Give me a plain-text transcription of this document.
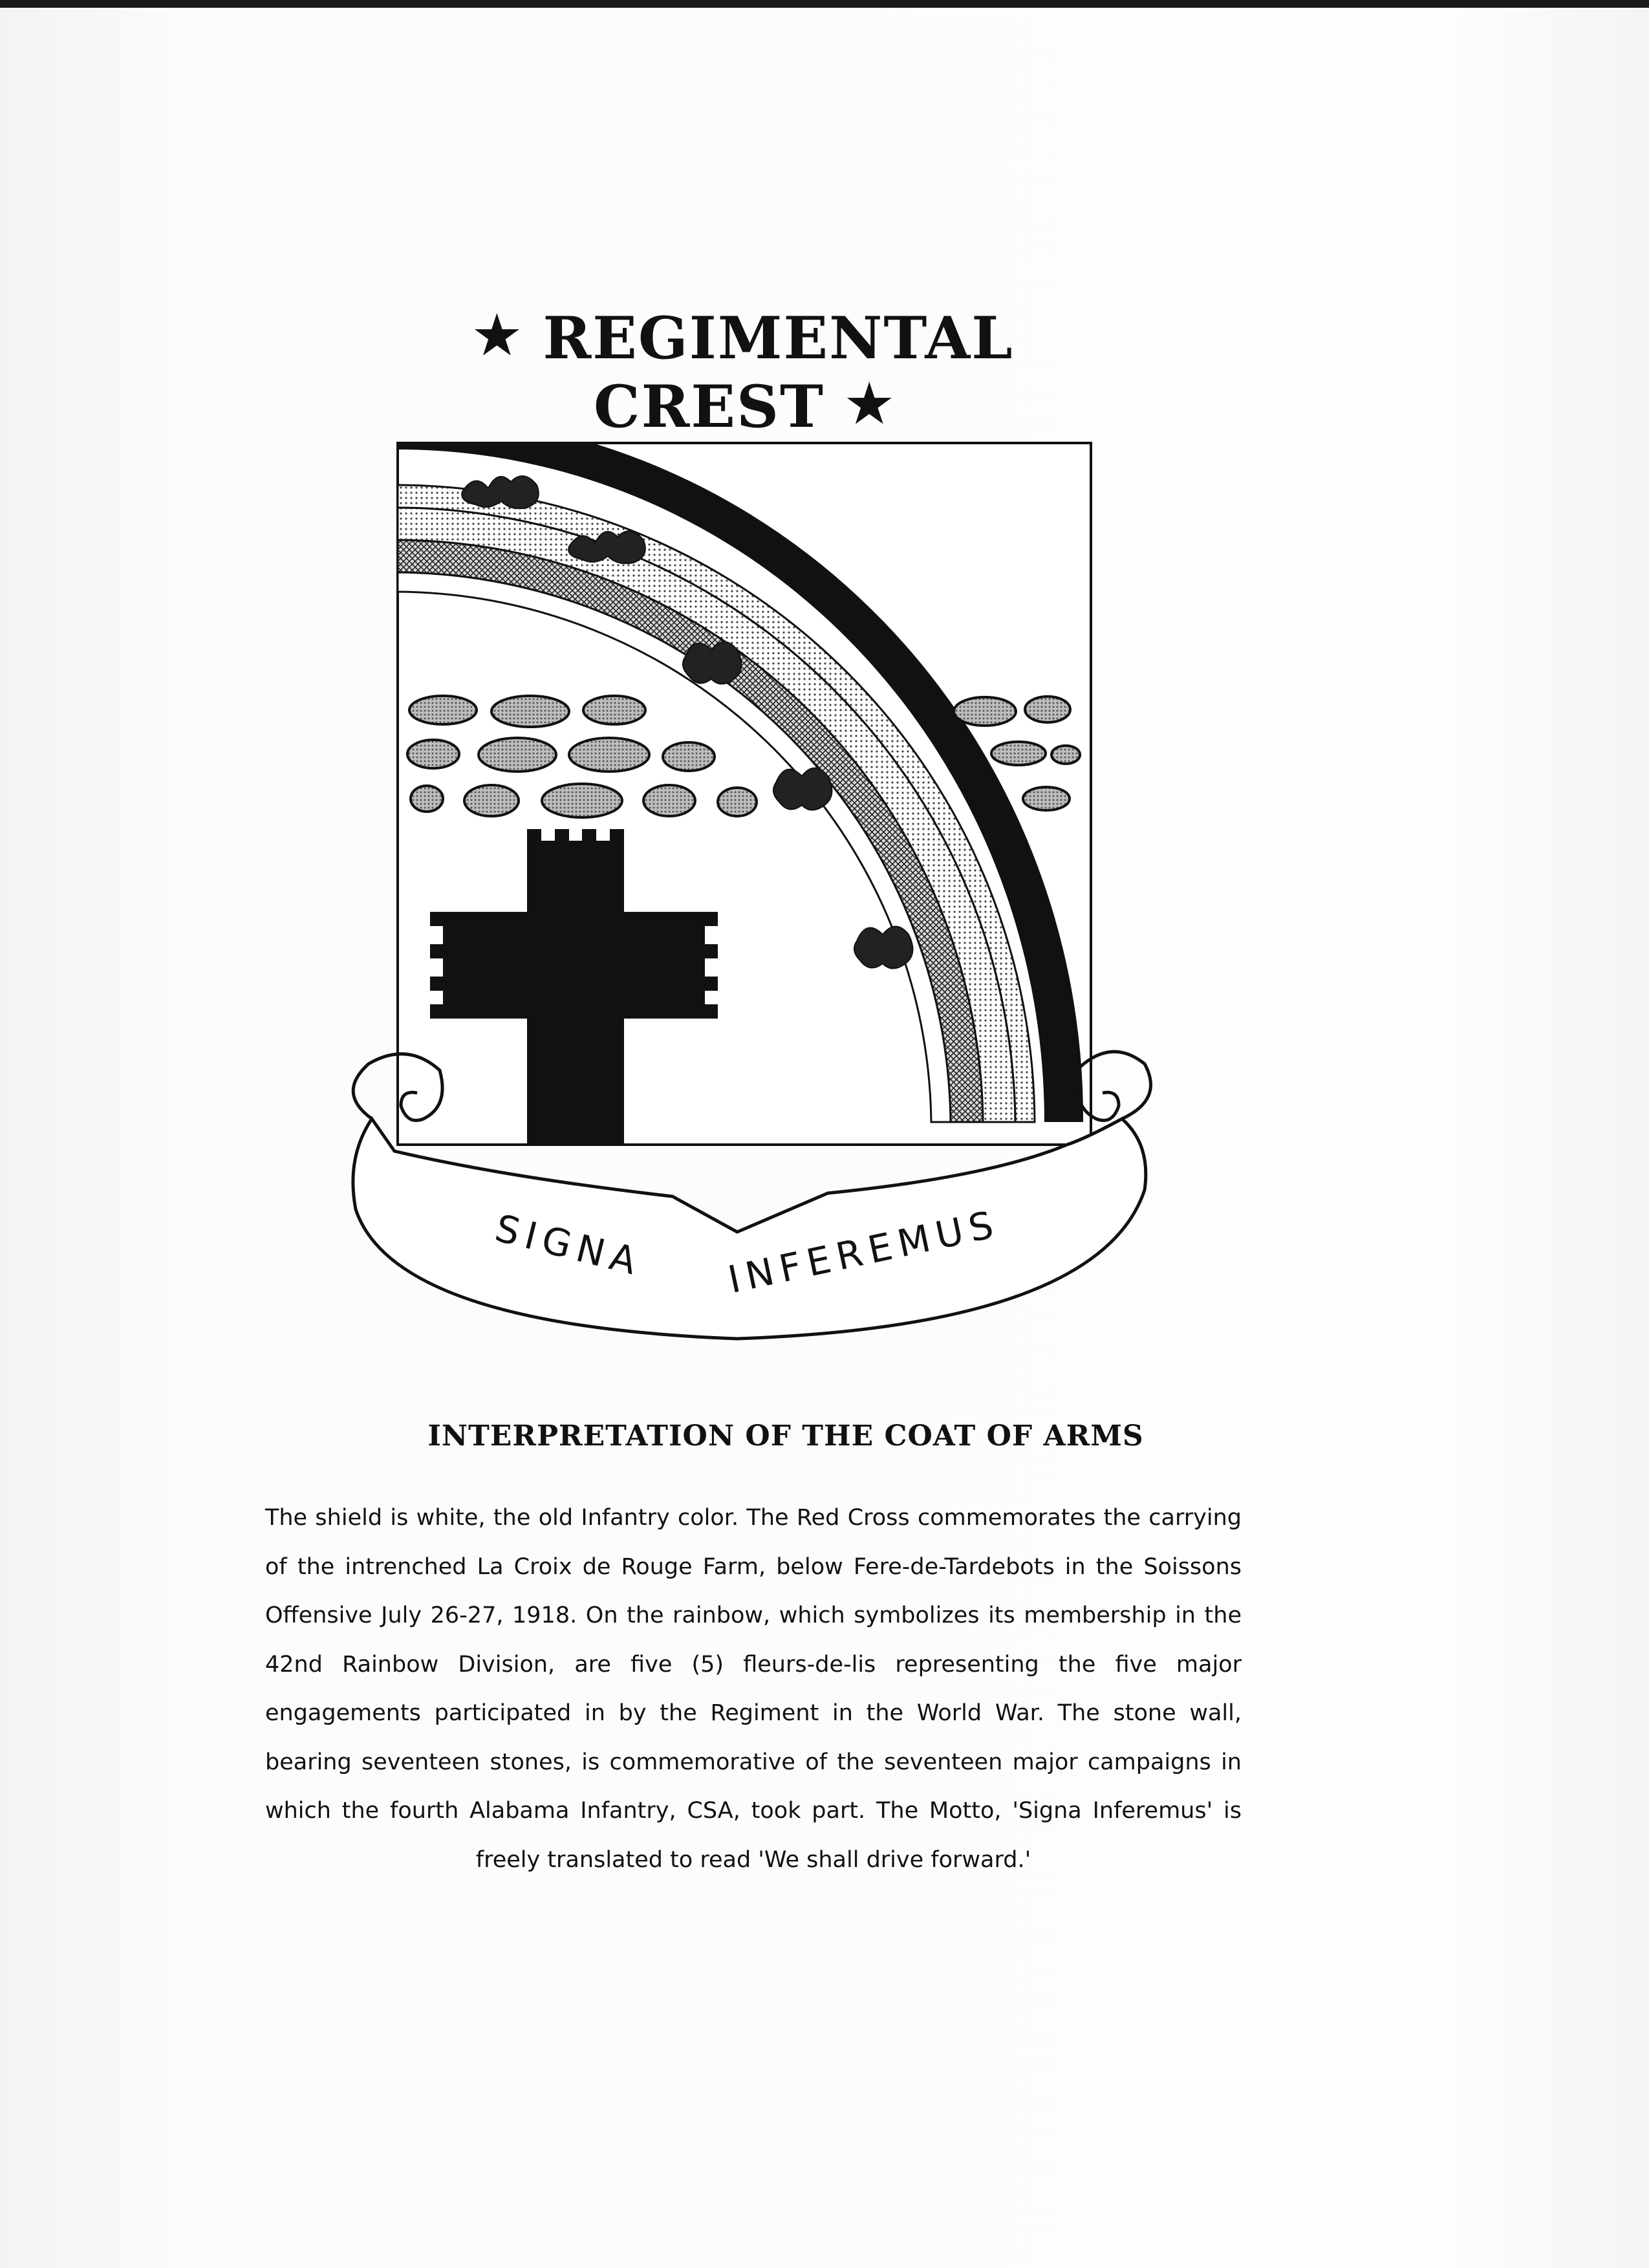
★ REGIMENTAL CREST ★
SIGNA INFEREMUS
INTERPRETATION OF THE COAT OF ARMS
The shield is white, the old Infantry color. The Red Cross commemorates the carrying of the intrenched La Croix de Rouge Farm, below Fere-de-Tardebots in the Soissons Offensive July 26-27, 1918. On the rainbow, which symbolizes its membership in the 42nd Rainbow Division, are five (5) fleurs-de-lis representing the five major engagements participated in by the Regiment in the World War. The stone wall, bearing seventeen stones, is commemorative of the seventeen major campaigns in which the fourth Alabama Infantry, CSA, took part. The Motto, 'Signa Inferemus' is freely translated to read 'We shall drive forward.'
